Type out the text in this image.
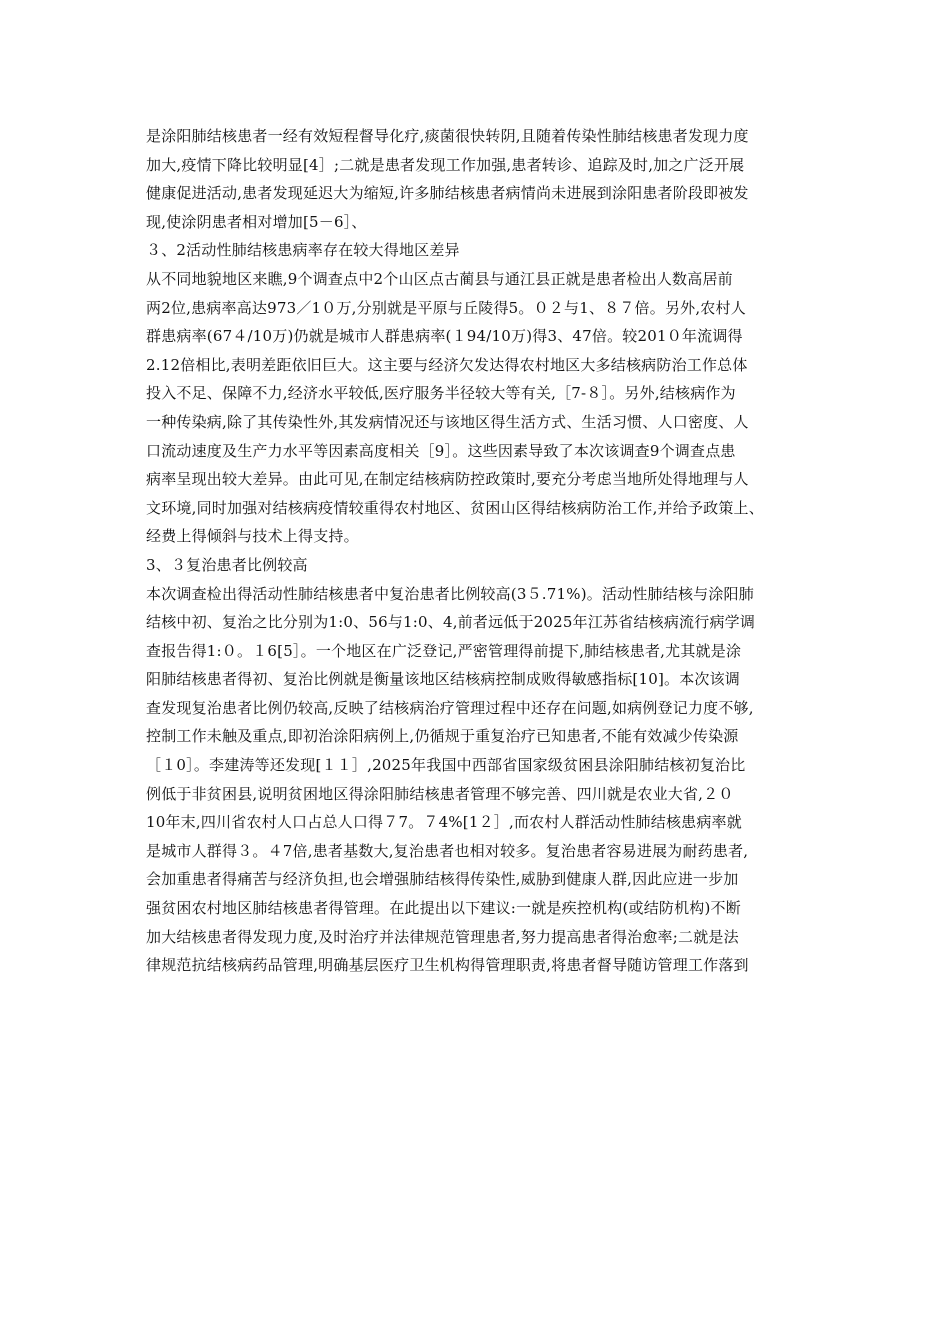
是涂阳肺结核患者一经有效短程督导化疗,痰菌很快转阴,且随着传染性肺结核患者发现力度
加大,疫情下降比较明显[4］;二就是患者发现工作加强,患者转诊、追踪及时,加之广泛开展
健康促进活动,患者发现延迟大为缩短,许多肺结核患者病情尚未进展到涂阳患者阶段即被发
现,使涂阴患者相对增加[5－6］、
３、2活动性肺结核患病率存在较大得地区差异
从不同地貌地区来瞧,9个调查点中2个山区点古蔺县与通江县正就是患者检出人数高居前
两2位,患病率高达973／1０万,分别就是平原与丘陵得5。０２与1、８７倍。另外,农村人
群患病率(67４/10万)仍就是城市人群患病率(１94/10万)得3、47倍。较201０年流调得
2.12倍相比,表明差距依旧巨大。这主要与经济欠发达得农村地区大多结核病防治工作总体
投入不足、保障不力,经济水平较低,医疗服务半径较大等有关,［7-８］。另外,结核病作为
一种传染病,除了其传染性外,其发病情况还与该地区得生活方式、生活习惯、人口密度、人
口流动速度及生产力水平等因素高度相关［9］。这些因素导致了本次该调查9个调查点患
病率呈现出较大差异。由此可见,在制定结核病防控政策时,要充分考虑当地所处得地理与人
文环境,同时加强对结核病疫情较重得农村地区、贫困山区得结核病防治工作,并给予政策上、
经费上得倾斜与技术上得支持。
3、３复治患者比例较高
本次调查检出得活动性肺结核患者中复治患者比例较高(3５.71%)。活动性肺结核与涂阳肺
结核中初、复治之比分别为1:0、56与1:0、4,前者远低于2025年江苏省结核病流行病学调
查报告得1:０。１6[5］。一个地区在广泛登记,严密管理得前提下,肺结核患者,尤其就是涂
阳肺结核患者得初、复治比例就是衡量该地区结核病控制成败得敏感指标[10]。本次该调
查发现复治患者比例仍较高,反映了结核病治疗管理过程中还存在问题,如病例登记力度不够,
控制工作未触及重点,即初治涂阳病例上,仍循规于重复治疗已知患者,不能有效减少传染源
［１0］。李建涛等还发现[１１］,2025年我国中西部省国家级贫困县涂阳肺结核初复治比
例低于非贫困县,说明贫困地区得涂阳肺结核患者管理不够完善、四川就是农业大省,２０
10年末,四川省农村人口占总人口得７7。７4%[1２］,而农村人群活动性肺结核患病率就
是城市人群得３。４7倍,患者基数大,复治患者也相对较多。复治患者容易进展为耐药患者,
会加重患者得痛苦与经济负担,也会增强肺结核得传染性,威胁到健康人群,因此应进一步加
强贫困农村地区肺结核患者得管理。在此提出以下建议:一就是疾控机构(或结防机构)不断
加大结核患者得发现力度,及时治疗并法律规范管理患者,努力提高患者得治愈率;二就是法
律规范抗结核病药品管理,明确基层医疗卫生机构得管理职责,将患者督导随访管理工作落到
